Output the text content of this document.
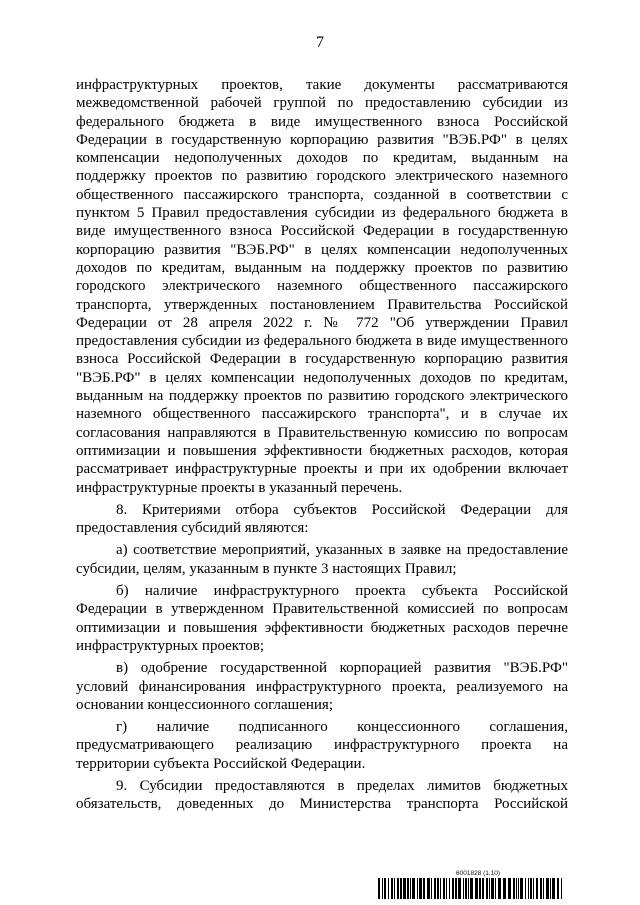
7

инфраструктурных проектов, такие документы рассматриваются межведомственной рабочей группой по предоставлению субсидии из федерального бюджета в виде имущественного взноса Российской Федерации в государственную корпорацию развития "ВЭБ.РФ" в целях компенсации недополученных доходов по кредитам, выданным на поддержку проектов по развитию городского электрического наземного общественного пассажирского транспорта, созданной в соответствии с пунктом 5 Правил предоставления субсидии из федерального бюджета в виде имущественного взноса Российской Федерации в государственную корпорацию развития "ВЭБ.РФ" в целях компенсации недополученных доходов по кредитам, выданным на поддержку проектов по развитию городского электрического наземного общественного пассажирского транспорта, утвержденных постановлением Правительства Российской Федерации от 28 апреля 2022 г. № 772 "Об утверждении Правил предоставления субсидии из федерального бюджета в виде имущественного взноса Российской Федерации в государственную корпорацию развития "ВЭБ.РФ" в целях компенсации недополученных доходов по кредитам, выданным на поддержку проектов по развитию городского электрического наземного общественного пассажирского транспорта", и в случае их согласования направляются в Правительственную комиссию по вопросам оптимизации и повышения эффективности бюджетных расходов, которая рассматривает инфраструктурные проекты и при их одобрении включает инфраструктурные проекты в указанный перечень.

8. Критериями отбора субъектов Российской Федерации для предоставления субсидий являются:

а) соответствие мероприятий, указанных в заявке на предоставление субсидии, целям, указанным в пункте 3 настоящих Правил;

б) наличие инфраструктурного проекта субъекта Российской Федерации в утвержденном Правительственной комиссией по вопросам оптимизации и повышения эффективности бюджетных расходов перечне инфраструктурных проектов;

в) одобрение государственной корпорацией развития "ВЭБ.РФ" условий финансирования инфраструктурного проекта, реализуемого на основании концессионного соглашения;

г) наличие подписанного концессионного соглашения, предусматривающего реализацию инфраструктурного проекта на территории субъекта Российской Федерации.

9. Субсидии предоставляются в пределах лимитов бюджетных обязательств, доведенных до Министерства транспорта Российской

6001828 (1.10)
